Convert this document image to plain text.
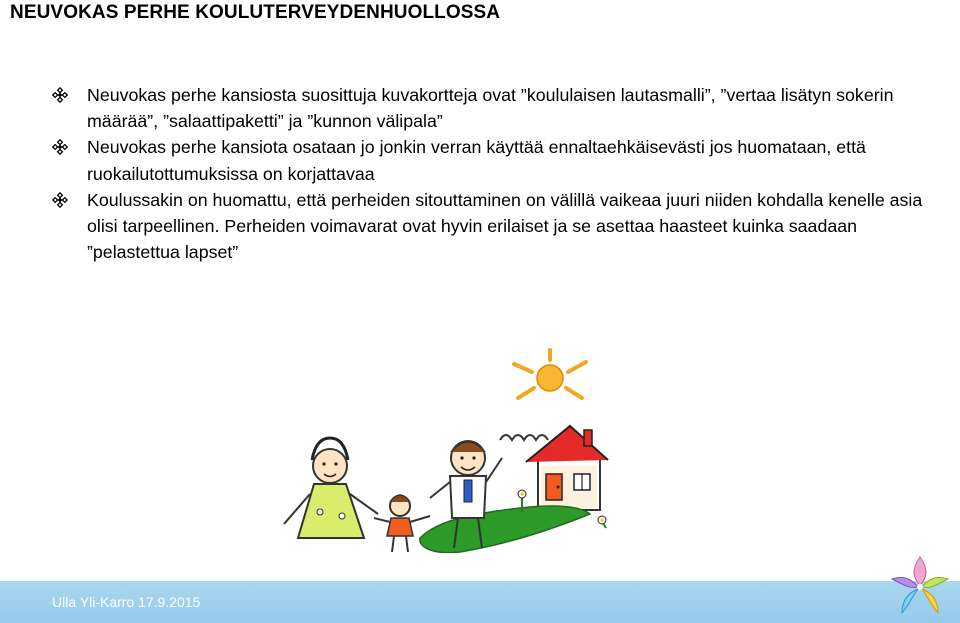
NEUVOKAS PERHE KOULUTERVEYDENHUOLLOSSA
Neuvokas perhe kansiosta suosittuja kuvakortteja ovat ”koululaisen lautasmalli”, ”vertaa lisätyn sokerin määrää”, ”salaattipaketti” ja ”kunnon välipala”
Neuvokas perhe kansiota osataan jo jonkin verran käyttää ennaltaehkäisevästi jos huomataan, että ruokailutottumuksissa on korjattavaa
Koulussakin on huomattu, että perheiden sitouttaminen on välillä vaikeaa juuri niiden kohdalla kenelle asia olisi tarpeellinen. Perheiden voimavarat ovat hyvin erilaiset ja se asettaa haasteet kuinka saadaan ”pelastettua lapset”
Ulla Yli-Karro 17.9.2015
